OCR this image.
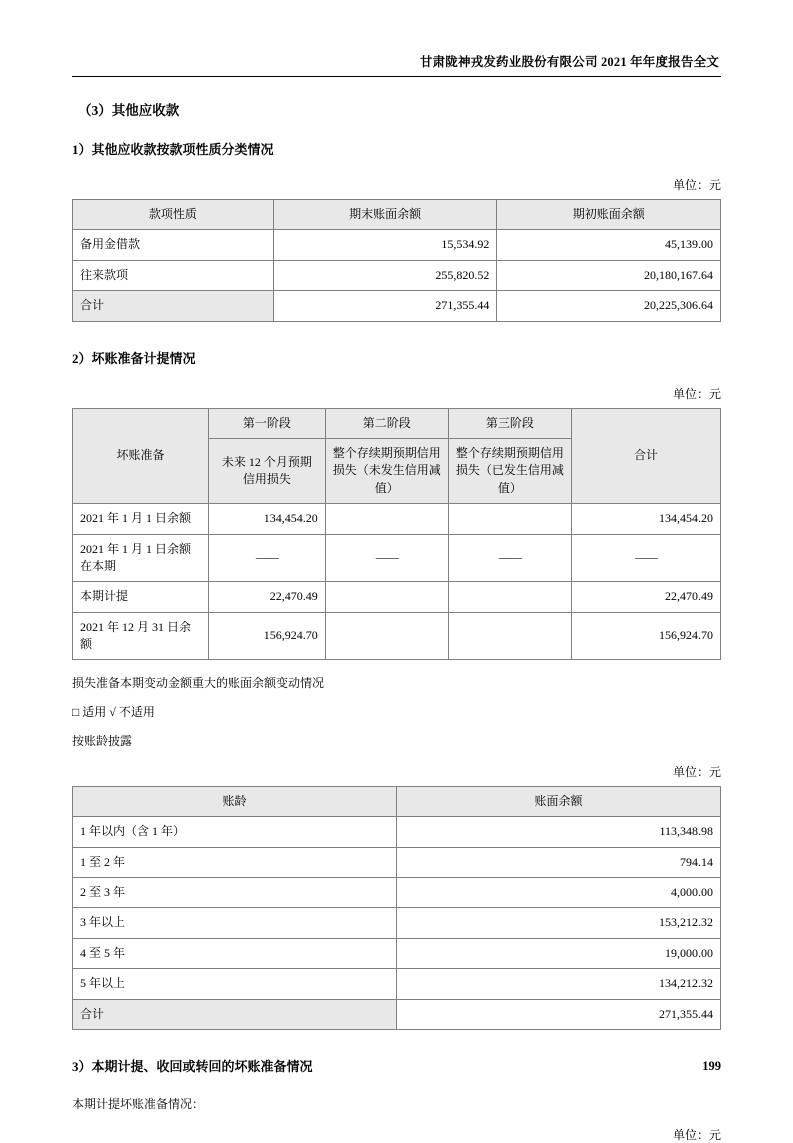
甘肃陇神戎发药业股份有限公司 2021 年年度报告全文
（3）其他应收款
1）其他应收款按款项性质分类情况
单位：元
款项性质	期末账面余额	期初账面余额
备用金借款	15,534.92	45,139.00
往来款项	255,820.52	20,180,167.64
合计	271,355.44	20,225,306.64
2）坏账准备计提情况
单位：元
坏账准备	第一阶段	第二阶段	第三阶段	合计
	未来 12 个月预期信用损失	整个存续期预期信用损失（未发生信用减值）	整个存续期预期信用损失（已发生信用减值）	
2021 年 1 月 1 日余额	134,454.20			134,454.20
2021 年 1 月 1 日余额在本期	——	——	——	——
本期计提	22,470.49			22,470.49
2021 年 12 月 31 日余额	156,924.70			156,924.70
损失准备本期变动金额重大的账面余额变动情况
□ 适用 √ 不适用
按账龄披露
单位：元
账龄	账面余额
1 年以内（含 1 年）	113,348.98
1 至 2 年	794.14
2 至 3 年	4,000.00
3 年以上	153,212.32
4 至 5 年	19,000.00
5 年以上	134,212.32
合计	271,355.44
3）本期计提、收回或转回的坏账准备情况
本期计提坏账准备情况：
单位：元
199
